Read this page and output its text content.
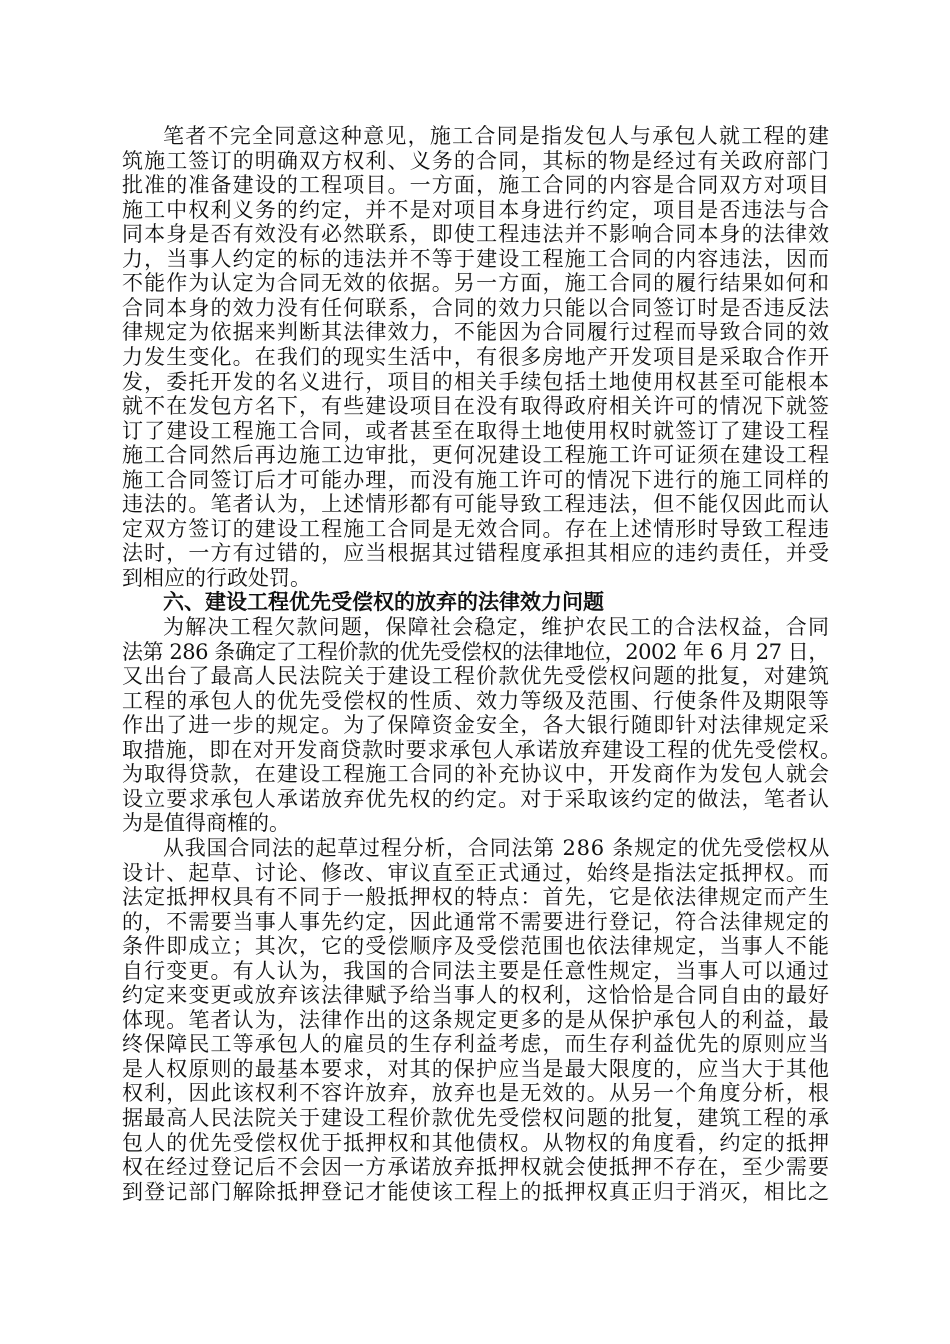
笔者不完全同意这种意见，施工合同是指发包人与承包人就工程的建
筑施工签订的明确双方权利、义务的合同，其标的物是经过有关政府部门
批准的准备建设的工程项目。一方面，施工合同的内容是合同双方对项目
施工中权利义务的约定，并不是对项目本身进行约定，项目是否违法与合
同本身是否有效没有必然联系，即使工程违法并不影响合同本身的法律效
力，当事人约定的标的违法并不等于建设工程施工合同的内容违法，因而
不能作为认定为合同无效的依据。另一方面，施工合同的履行结果如何和
合同本身的效力没有任何联系，合同的效力只能以合同签订时是否违反法
律规定为依据来判断其法律效力，不能因为合同履行过程而导致合同的效
力发生变化。在我们的现实生活中，有很多房地产开发项目是采取合作开
发，委托开发的名义进行，项目的相关手续包括土地使用权甚至可能根本
就不在发包方名下，有些建设项目在没有取得政府相关许可的情况下就签
订了建设工程施工合同，或者甚至在取得土地使用权时就签订了建设工程
施工合同然后再边施工边审批，更何况建设工程施工许可证须在建设工程
施工合同签订后才可能办理，而没有施工许可的情况下进行的施工同样的
违法的。笔者认为，上述情形都有可能导致工程违法，但不能仅因此而认
定双方签订的建设工程施工合同是无效合同。存在上述情形时导致工程违
法时，一方有过错的，应当根据其过错程度承担其相应的违约责任，并受
到相应的行政处罚。
六、建设工程优先受偿权的放弃的法律效力问题
为解决工程欠款问题，保障社会稳定，维护农民工的合法权益，合同
法第 286 条确定了工程价款的优先受偿权的法律地位，2002 年 6 月 27 日，
又出台了最高人民法院关于建设工程价款优先受偿权问题的批复，对建筑
工程的承包人的优先受偿权的性质、效力等级及范围、行使条件及期限等
作出了进一步的规定。为了保障资金安全，各大银行随即针对法律规定采
取措施，即在对开发商贷款时要求承包人承诺放弃建设工程的优先受偿权。
为取得贷款，在建设工程施工合同的补充协议中，开发商作为发包人就会
设立要求承包人承诺放弃优先权的约定。对于采取该约定的做法，笔者认
为是值得商榷的。
从我国合同法的起草过程分析，合同法第 286 条规定的优先受偿权从
设计、起草、讨论、修改、审议直至正式通过，始终是指法定抵押权。而
法定抵押权具有不同于一般抵押权的特点：首先，它是依法律规定而产生
的，不需要当事人事先约定，因此通常不需要进行登记，符合法律规定的
条件即成立；其次，它的受偿顺序及受偿范围也依法律规定，当事人不能
自行变更。有人认为，我国的合同法主要是任意性规定，当事人可以通过
约定来变更或放弃该法律赋予给当事人的权利，这恰恰是合同自由的最好
体现。笔者认为，法律作出的这条规定更多的是从保护承包人的利益，最
终保障民工等承包人的雇员的生存利益考虑，而生存利益优先的原则应当
是人权原则的最基本要求，对其的保护应当是最大限度的，应当大于其他
权利，因此该权利不容许放弃，放弃也是无效的。从另一个角度分析，根
据最高人民法院关于建设工程价款优先受偿权问题的批复，建筑工程的承
包人的优先受偿权优于抵押权和其他债权。从物权的角度看，约定的抵押
权在经过登记后不会因一方承诺放弃抵押权就会使抵押不存在，至少需要
到登记部门解除抵押登记才能使该工程上的抵押权真正归于消灭，相比之
